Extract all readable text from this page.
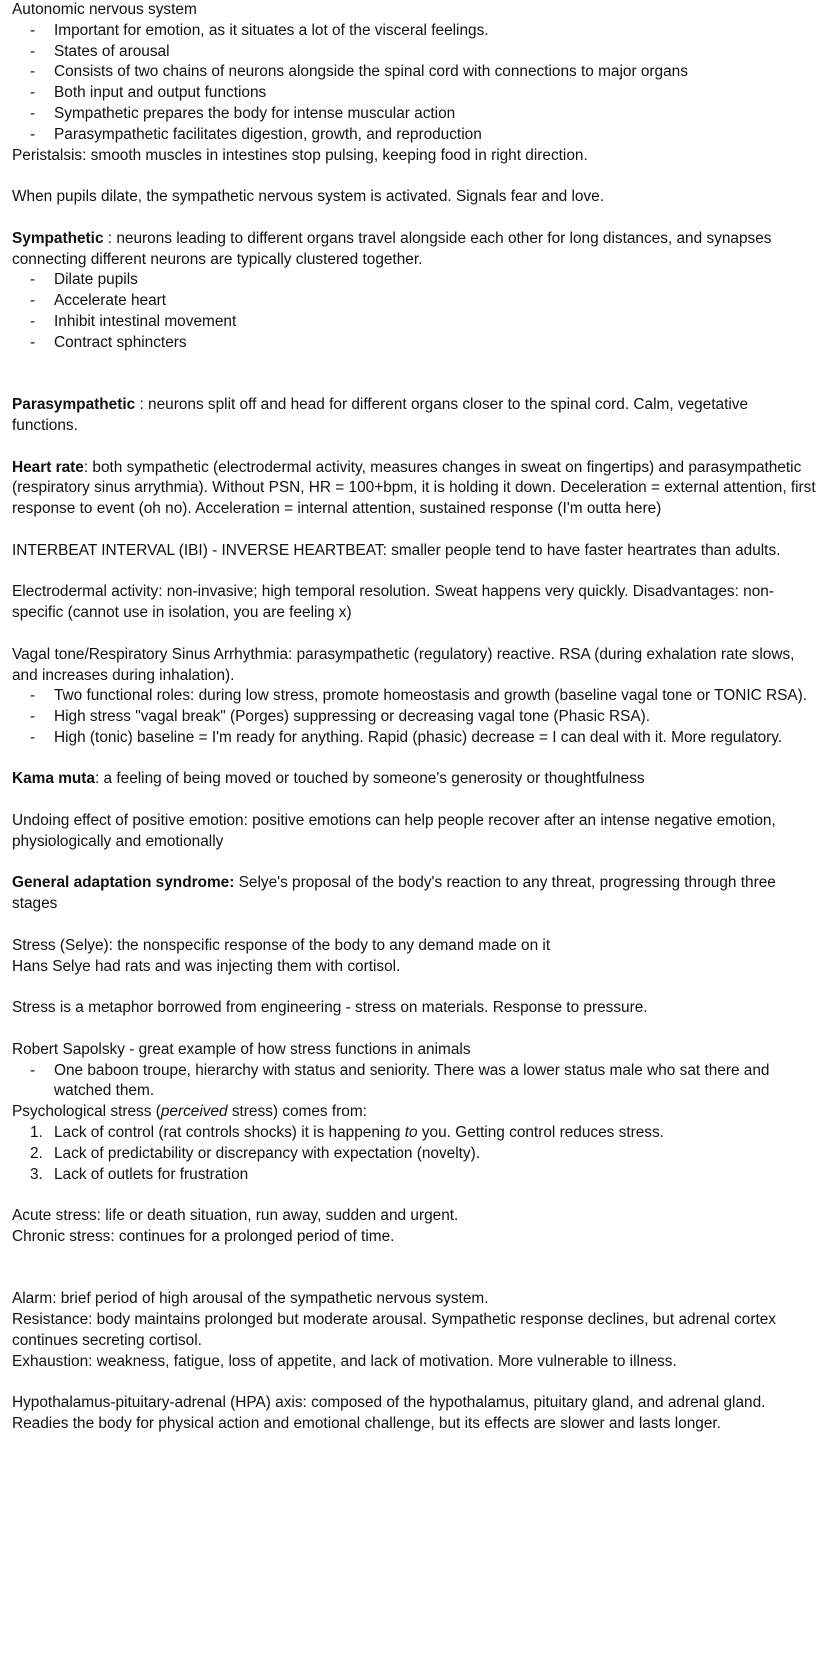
Autonomic nervous system

-	Important for emotion, as it situates a lot of the visceral feelings.
-	States of arousal
-	Consists of two chains of neurons alongside the spinal cord with connections to major organs
-	Both input and output functions
-	Sympathetic prepares the body for intense muscular action
-	Parasympathetic facilitates digestion, growth, and reproduction

Peristalsis: smooth muscles in intestines stop pulsing, keeping food in right direction.

When pupils dilate, the sympathetic nervous system is activated. Signals fear and love.

Sympathetic : neurons leading to different organs travel alongside each other for long distances, and synapses connecting different neurons are typically clustered together.

-	Dilate pupils
-	Accelerate heart
-	Inhibit intestinal movement
-	Contract sphincters

Parasympathetic : neurons split off and head for different organs closer to the spinal cord. Calm, vegetative functions.

Heart rate: both sympathetic (electrodermal activity, measures changes in sweat on fingertips) and parasympathetic (respiratory sinus arrythmia). Without PSN, HR = 100+bpm, it is holding it down. Deceleration = external attention, first response to event (oh no). Acceleration = internal attention, sustained response (I'm outta here)

INTERBEAT INTERVAL (IBI) - INVERSE HEARTBEAT: smaller people tend to have faster heartrates than adults.

Electrodermal activity: non-invasive; high temporal resolution. Sweat happens very quickly. Disadvantages: non-specific (cannot use in isolation, you are feeling x)

Vagal tone/Respiratory Sinus Arrhythmia: parasympathetic (regulatory) reactive. RSA (during exhalation rate slows, and increases during inhalation).

-	Two functional roles: during low stress, promote homeostasis and growth (baseline vagal tone or TONIC RSA).
-	High stress "vagal break" (Porges) suppressing or decreasing vagal tone (Phasic RSA).
-	High (tonic) baseline = I'm ready for anything. Rapid (phasic) decrease = I can deal with it. More regulatory.

Kama muta: a feeling of being moved or touched by someone's generosity or thoughtfulness

Undoing effect of positive emotion: positive emotions can help people recover after an intense negative emotion, physiologically and emotionally

General adaptation syndrome: Selye's proposal of the body's reaction to any threat, progressing through three stages

Stress (Selye): the nonspecific response of the body to any demand made on it

Hans Selye had rats and was injecting them with cortisol.

Stress is a metaphor borrowed from engineering - stress on materials. Response to pressure.

Robert Sapolsky - great example of how stress functions in animals

-	One baboon troupe, hierarchy with status and seniority. There was a lower status male who sat there and watched them.

Psychological stress (perceived stress) comes from:

1. Lack of control (rat controls shocks) it is happening to you. Getting control reduces stress.
2. Lack of predictability or discrepancy with expectation (novelty).
3. Lack of outlets for frustration

Acute stress: life or death situation, run away, sudden and urgent.

Chronic stress: continues for a prolonged period of time.

Alarm: brief period of high arousal of the sympathetic nervous system.

Resistance: body maintains prolonged but moderate arousal. Sympathetic response declines, but adrenal cortex continues secreting cortisol.

Exhaustion: weakness, fatigue, loss of appetite, and lack of motivation. More vulnerable to illness.

Hypothalamus-pituitary-adrenal (HPA) axis: composed of the hypothalamus, pituitary gland, and adrenal gland. Readies the body for physical action and emotional challenge, but its effects are slower and lasts longer.
